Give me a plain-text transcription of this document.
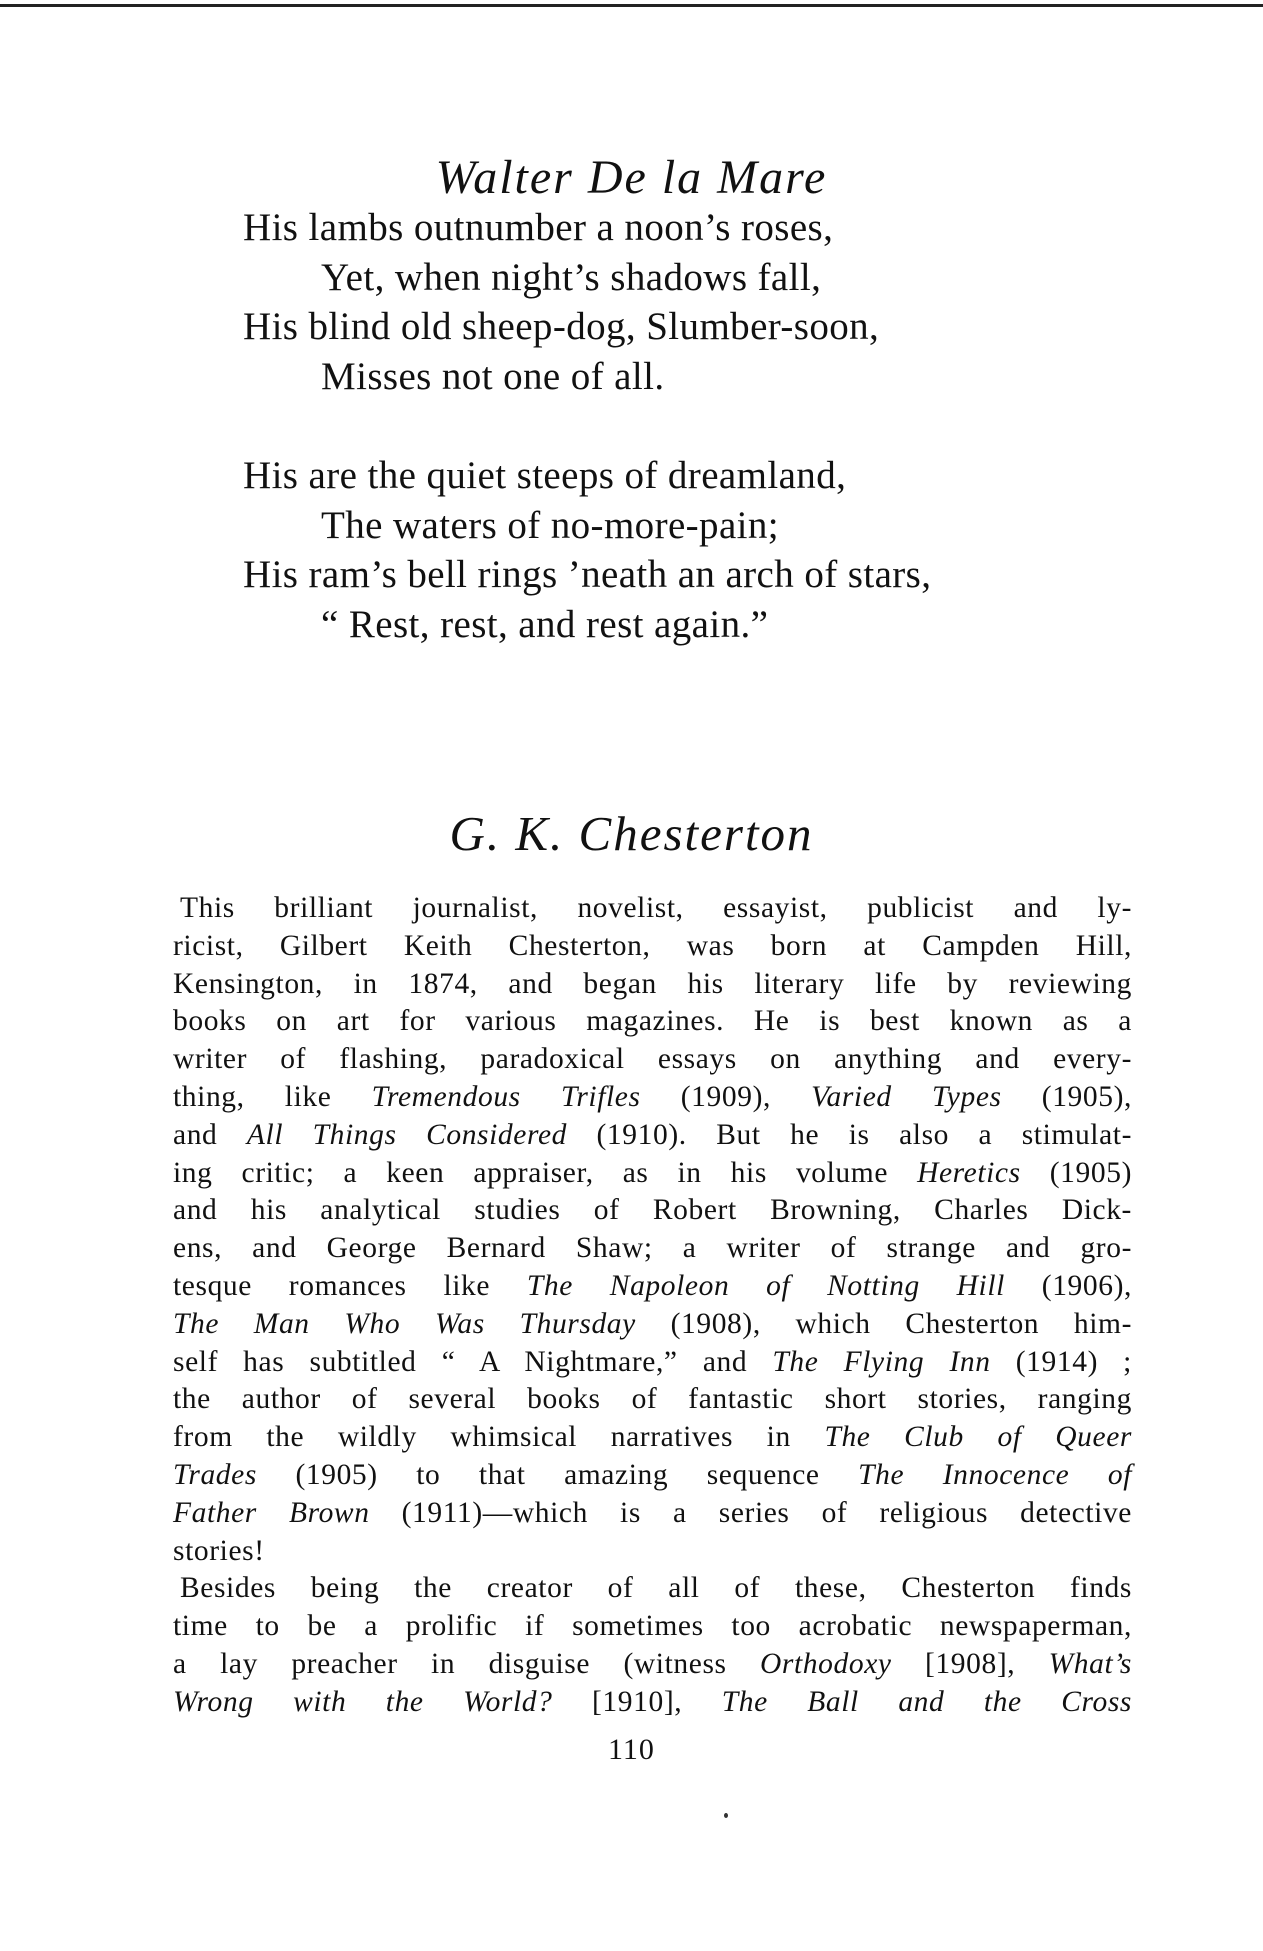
Walter De la Mare
His lambs outnumber a noon’s roses,
Yet, when night’s shadows fall,
His blind old sheep-dog, Slumber-soon,
Misses not one of all.
His are the quiet steeps of dreamland,
The waters of no-more-pain;
His ram’s bell rings ’neath an arch of stars,
“ Rest, rest, and rest again.”
G. K. Chesterton
This brilliant journalist, novelist, essayist, publicist and ly-
ricist, Gilbert Keith Chesterton, was born at Campden Hill,
Kensington, in 1874, and began his literary life by reviewing
books on art for various magazines. He is best known as a
writer of flashing, paradoxical essays on anything and every-
thing, like Tremendous Trifles (1909), Varied Types (1905),
and All Things Considered (1910). But he is also a stimulat-
ing critic; a keen appraiser, as in his volume Heretics (1905)
and his analytical studies of Robert Browning, Charles Dick-
ens, and George Bernard Shaw; a writer of strange and gro-
tesque romances like The Napoleon of Notting Hill (1906),
The Man Who Was Thursday (1908), which Chesterton him-
self has subtitled “ A Nightmare,” and The Flying Inn (1914) ;
the author of several books of fantastic short stories, ranging
from the wildly whimsical narratives in The Club of Queer
Trades (1905) to that amazing sequence The Innocence of
Father Brown (1911)—which is a series of religious detective
stories!
Besides being the creator of all of these, Chesterton finds
time to be a prolific if sometimes too acrobatic newspaperman,
a lay preacher in disguise (witness Orthodoxy [1908], What’s
Wrong with the World? [1910], The Ball and the Cross
110
